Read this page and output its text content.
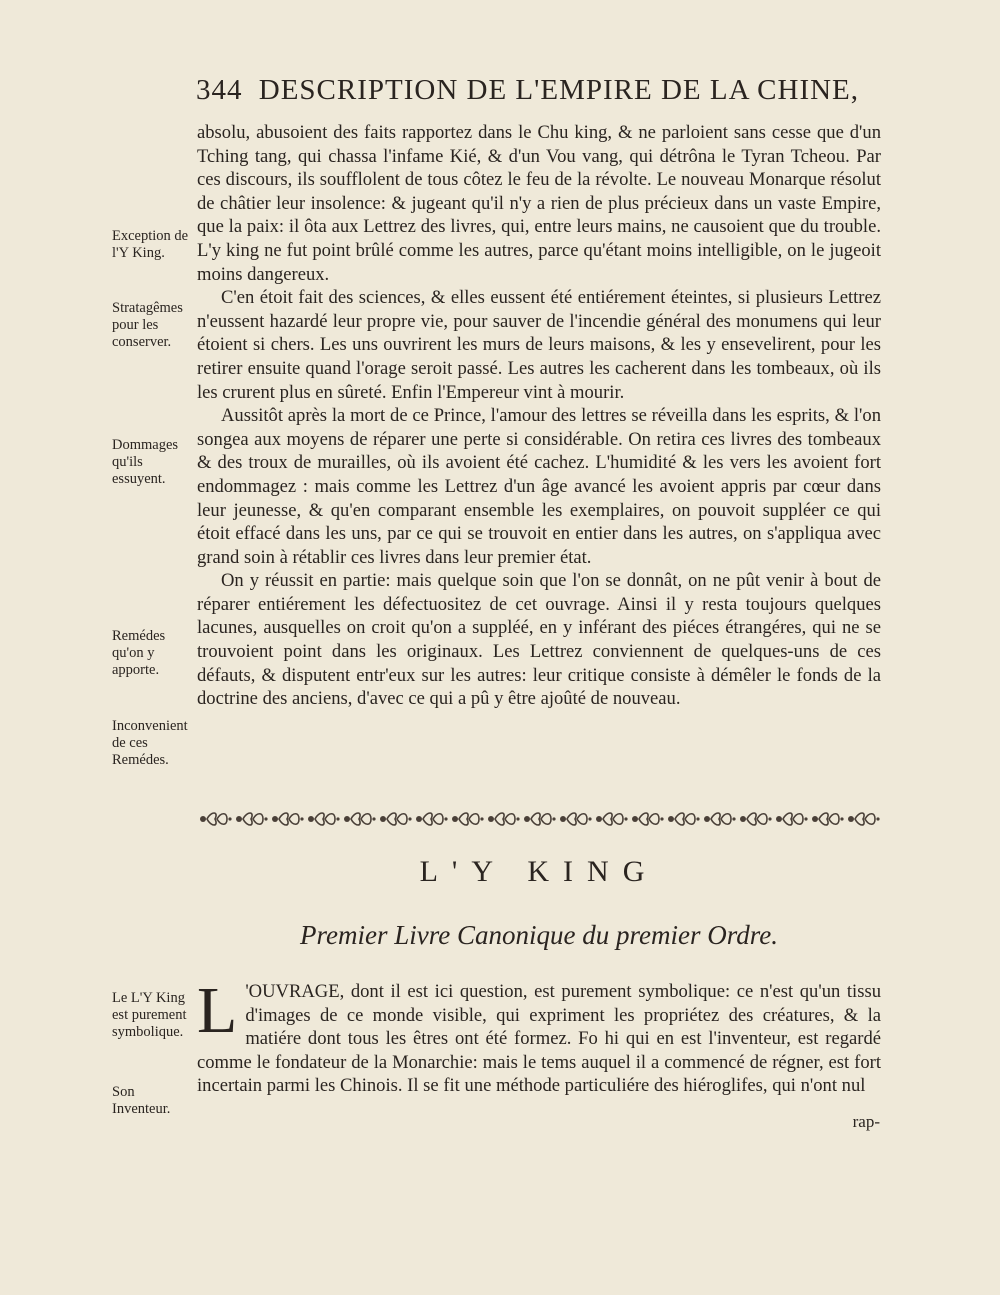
344 DESCRIPTION DE L'EMPIRE DE LA CHINE,
Exception de l'Y King.
Stratagêmes pour les conserver.
Dommages qu'ils essuyent.
Remédes qu'on y apporte.
Inconvenient de ces Remédes.
Le L'Y King est purement symbolique.
Son Inventeur.

absolu, abusoient des faits rapportez dans le Chu king, & ne parloient sans cesse que d'un Tching tang, qui chassa l'infame Kié, & d'un Vou vang, qui détrôna le Tyran Tcheou. Par ces discours, ils soufflolent de tous côtez le feu de la révolte. Le nouveau Monarque résolut de châtier leur insolence: & jugeant qu'il n'y a rien de plus précieux dans un vaste Empire, que la paix: il ôta aux Lettrez des livres, qui, entre leurs mains, ne causoient que du trouble. L'y king ne fut point brûlé comme les autres, parce qu'étant moins intelligible, on le jugeoit moins dangereux.

C'en étoit fait des sciences, & elles eussent été entiérement éteintes, si plusieurs Lettrez n'eussent hazardé leur propre vie, pour sauver de l'incendie général des monumens qui leur étoient si chers. Les uns ouvrirent les murs de leurs maisons, & les y ensevelirent, pour les retirer ensuite quand l'orage seroit passé. Les autres les cacherent dans les tombeaux, où ils les crurent plus en sûreté. Enfin l'Empereur vint à mourir.

Aussitôt après la mort de ce Prince, l'amour des lettres se réveilla dans les esprits, & l'on songea aux moyens de réparer une perte si considérable. On retira ces livres des tombeaux & des troux de murailles, où ils avoient été cachez. L'humidité & les vers les avoient fort endommagez : mais comme les Lettrez d'un âge avancé les avoient appris par cœur dans leur jeunesse, & qu'en comparant ensemble les exemplaires, on pouvoit suppléer ce qui étoit effacé dans les uns, par ce qui se trouvoit en entier dans les autres, on s'appliqua avec grand soin à rétablir ces livres dans leur premier état.

On y réussit en partie: mais quelque soin que l'on se donnât, on ne pût venir à bout de réparer entiérement les défectuositez de cet ouvrage. Ainsi il y resta toujours quelques lacunes, ausquelles on croit qu'on a suppléé, en y inférant des piéces étrangéres, qui ne se trouvoient point dans les originaux. Les Lettrez conviennent de quelques-uns de ces défauts, & disputent entr'eux sur les autres: leur critique consiste à démêler le fonds de la doctrine des anciens, d'avec ce qui a pû y être ajoûté de nouveau.

L'Y KING
Premier Livre Canonique du premier Ordre.
L 'OUVRAGE, dont il est ici question, est purement symbolique: ce n'est qu'un tissu d'images de ce monde visible, qui expriment les propriétez des créatures, & la matiére dont tous les êtres ont été formez. Fo hi qui en est l'inventeur, est regardé comme le fondateur de la Monarchie: mais le tems auquel il a commencé de régner, est fort incertain parmi les Chinois. Il se fit une méthode particuliére des hiéroglifes, qui n'ont nul
rap-
